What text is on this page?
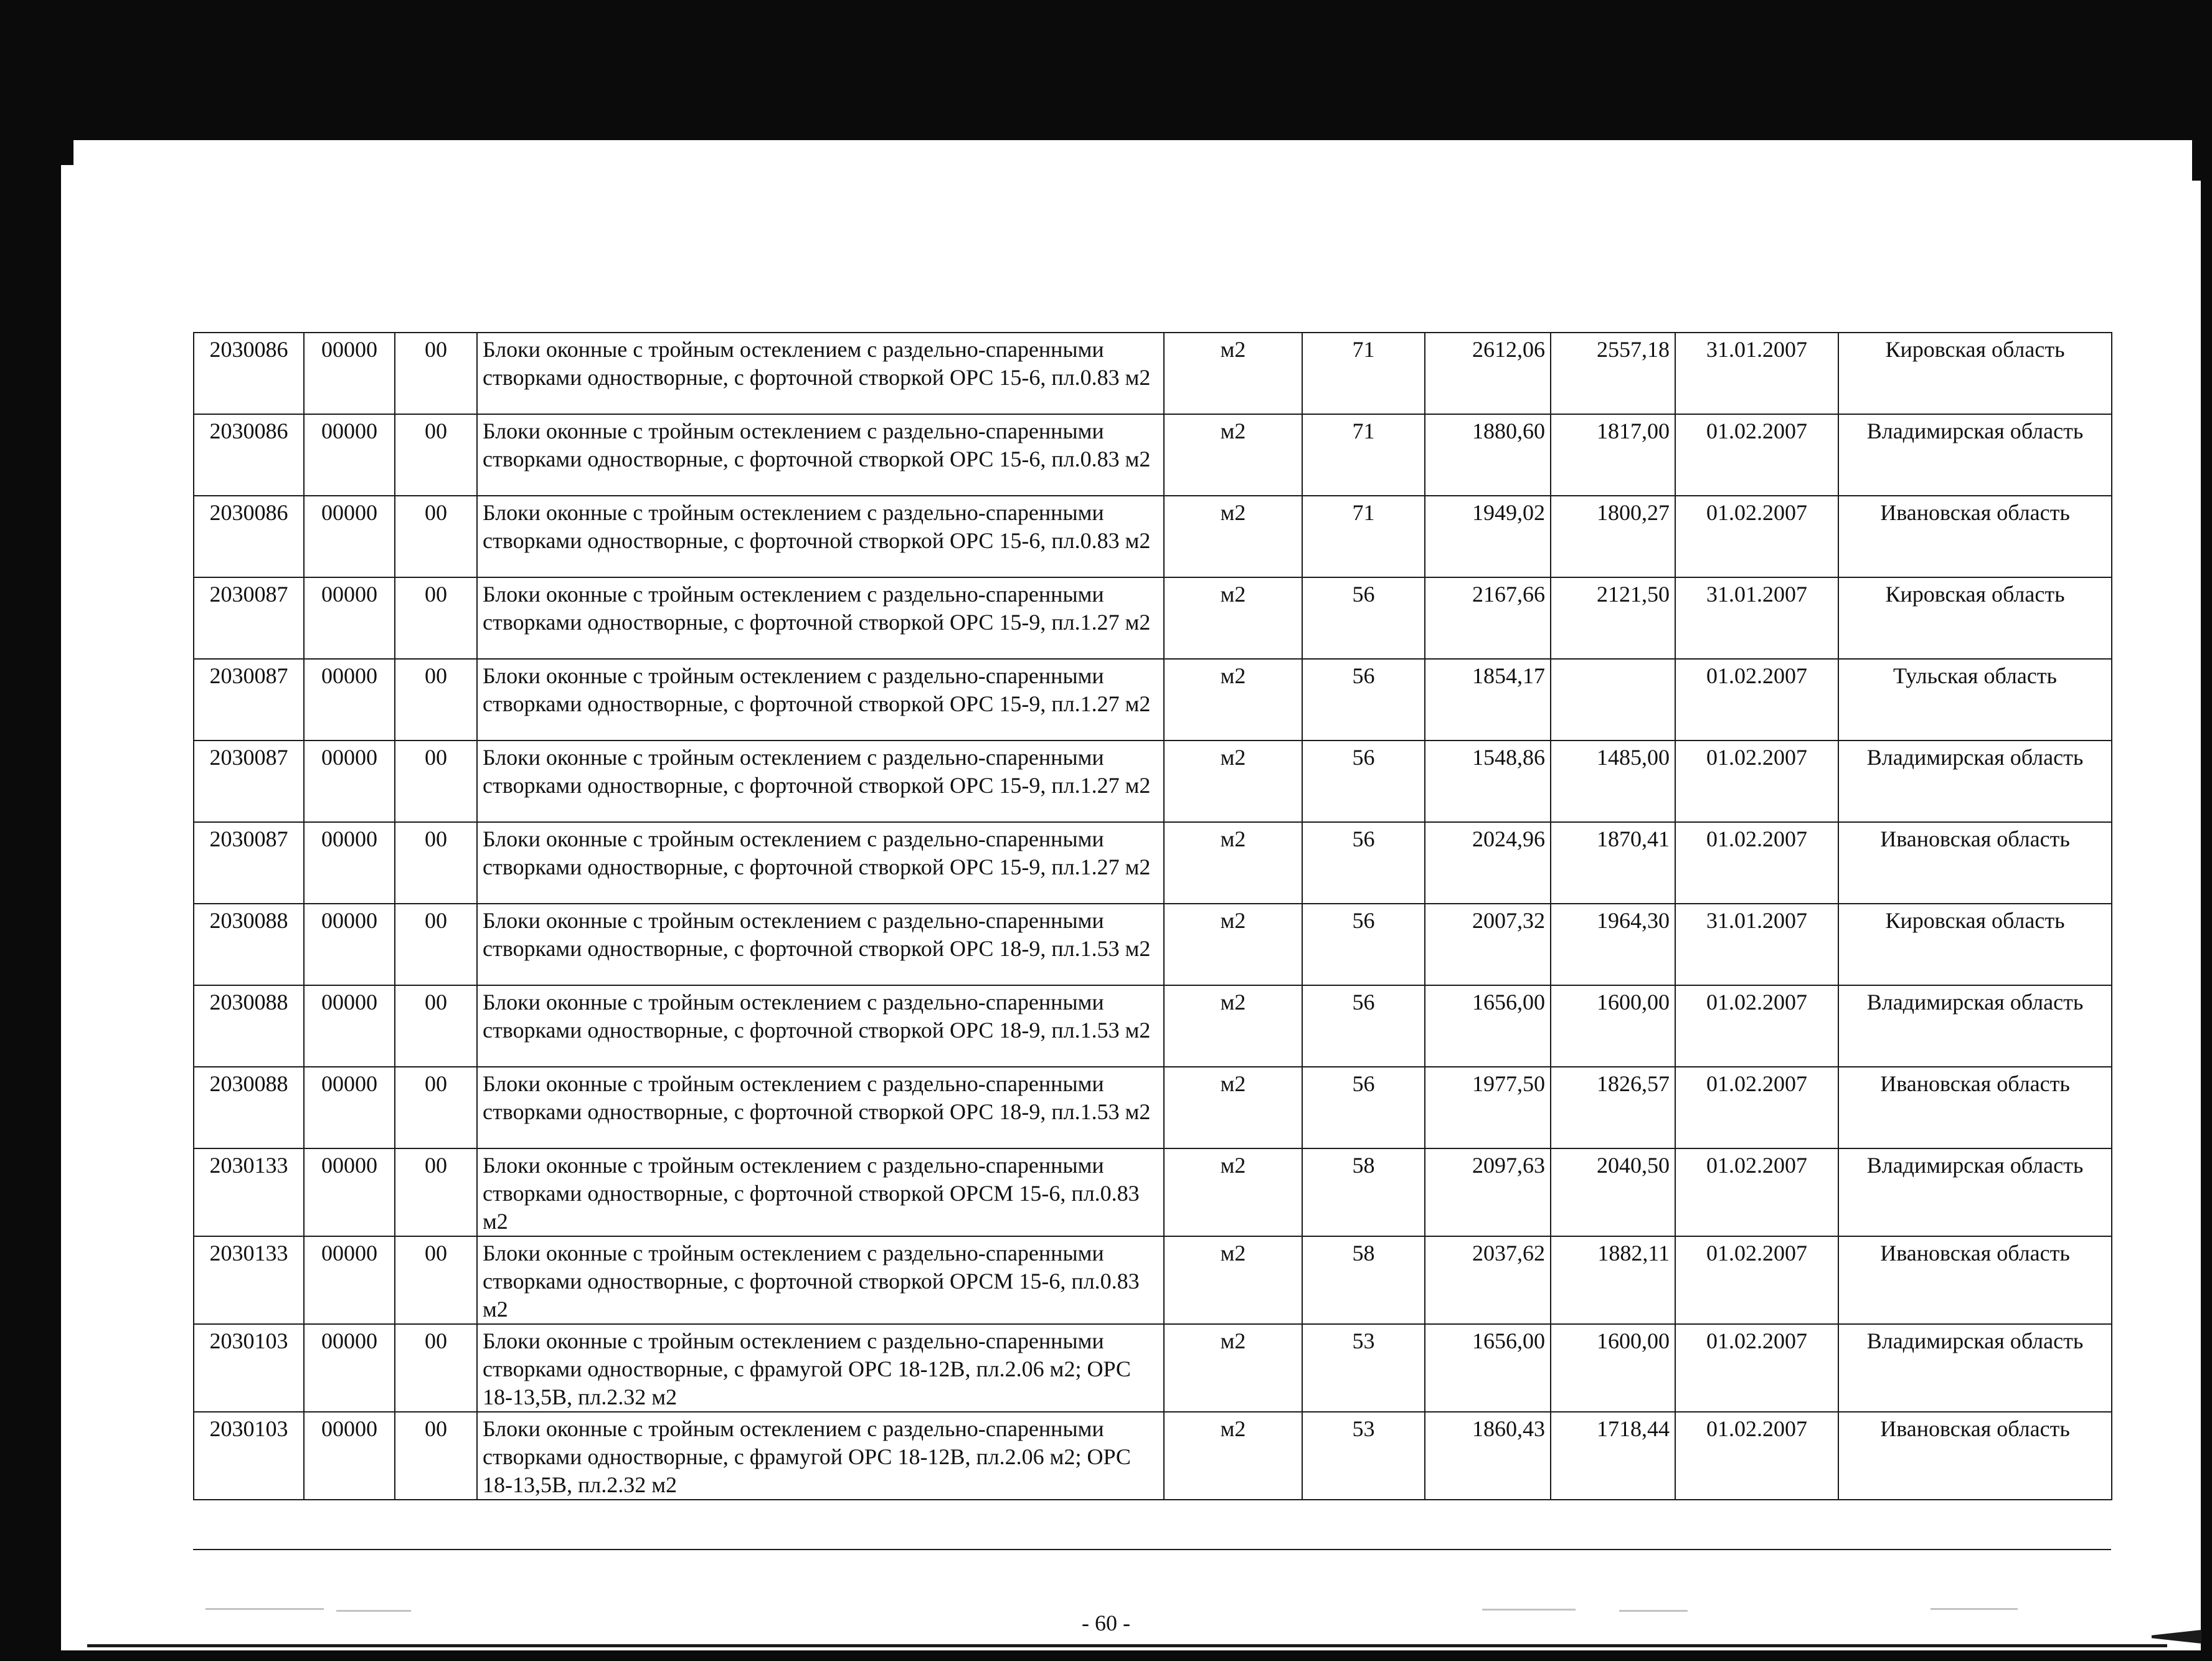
2030086	00000	00	Блоки оконные с тройным остеклением с раздельно-спаренными створками одностворные, с форточной створкой ОРС 15-6, пл.0.83 м2	м2	71	2612,06	2557,18	31.01.2007	Кировская область
2030086	00000	00	Блоки оконные с тройным остеклением с раздельно-спаренными створками одностворные, с форточной створкой ОРС 15-6, пл.0.83 м2	м2	71	1880,60	1817,00	01.02.2007	Владимирская область
2030086	00000	00	Блоки оконные с тройным остеклением с раздельно-спаренными створками одностворные, с форточной створкой ОРС 15-6, пл.0.83 м2	м2	71	1949,02	1800,27	01.02.2007	Ивановская область
2030087	00000	00	Блоки оконные с тройным остеклением с раздельно-спаренными створками одностворные, с форточной створкой ОРС 15-9, пл.1.27 м2	м2	56	2167,66	2121,50	31.01.2007	Кировская область
2030087	00000	00	Блоки оконные с тройным остеклением с раздельно-спаренными створками одностворные, с форточной створкой ОРС 15-9, пл.1.27 м2	м2	56	1854,17		01.02.2007	Тульская область
2030087	00000	00	Блоки оконные с тройным остеклением с раздельно-спаренными створками одностворные, с форточной створкой ОРС 15-9, пл.1.27 м2	м2	56	1548,86	1485,00	01.02.2007	Владимирская область
2030087	00000	00	Блоки оконные с тройным остеклением с раздельно-спаренными створками одностворные, с форточной створкой ОРС 15-9, пл.1.27 м2	м2	56	2024,96	1870,41	01.02.2007	Ивановская область
2030088	00000	00	Блоки оконные с тройным остеклением с раздельно-спаренными створками одностворные, с форточной створкой ОРС 18-9, пл.1.53 м2	м2	56	2007,32	1964,30	31.01.2007	Кировская область
2030088	00000	00	Блоки оконные с тройным остеклением с раздельно-спаренными створками одностворные, с форточной створкой ОРС 18-9, пл.1.53 м2	м2	56	1656,00	1600,00	01.02.2007	Владимирская область
2030088	00000	00	Блоки оконные с тройным остеклением с раздельно-спаренными створками одностворные, с форточной створкой ОРС 18-9, пл.1.53 м2	м2	56	1977,50	1826,57	01.02.2007	Ивановская область
2030133	00000	00	Блоки оконные с тройным остеклением с раздельно-спаренными створками одностворные, с форточной створкой ОРСМ 15-6, пл.0.83 м2	м2	58	2097,63	2040,50	01.02.2007	Владимирская область
2030133	00000	00	Блоки оконные с тройным остеклением с раздельно-спаренными створками одностворные, с форточной створкой ОРСМ 15-6, пл.0.83 м2	м2	58	2037,62	1882,11	01.02.2007	Ивановская область
2030103	00000	00	Блоки оконные с тройным остеклением с раздельно-спаренными створками одностворные, с фрамугой ОРС 18-12В, пл.2.06 м2; ОРС 18-13,5В, пл.2.32 м2	м2	53	1656,00	1600,00	01.02.2007	Владимирская область
2030103	00000	00	Блоки оконные с тройным остеклением с раздельно-спаренными створками одностворные, с фрамугой ОРС 18-12В, пл.2.06 м2; ОРС 18-13,5В, пл.2.32 м2	м2	53	1860,43	1718,44	01.02.2007	Ивановская область
- 60 -
